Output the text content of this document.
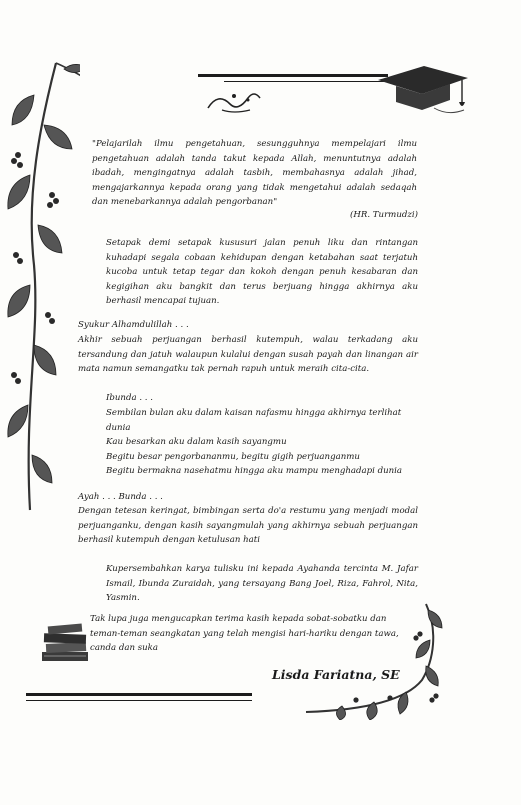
"Pelajarilah ilmu pengetahuan, sesungguhnya mempelajari ilmu pengetahuan adalah tanda takut kepada Allah, menuntutnya adalah ibadah, mengingatnya adalah tasbih, membahasnya adalah jihad, mengajarkannya kepada orang yang tidak mengetahui adalah sedaqah dan menebarkannya adalah pengorbanan"
(HR. Turmudzi)
Setapak demi setapak kususuri jalan penuh liku dan rintangan kuhadapi segala cobaan kehidupan dengan ketabahan saat terjatuh kucoba untuk tetap tegar dan kokoh dengan penuh kesabaran dan kegigihan aku bangkit dan terus berjuang hingga akhirnya aku berhasil mencapai tujuan.
Syukur Alhamdulillah . . .
Akhir sebuah perjuangan berhasil kutempuh, walau terkadang aku tersandung dan jatuh walaupun kulalui dengan susah payah dan linangan air mata namun semangatku tak pernah rapuh untuk meraih cita-cita.
Ibunda . . .
Sembilan bulan aku dalam kaisan nafasmu hingga akhirnya terlihat dunia
Kau besarkan aku dalam kasih sayangmu
Begitu besar pengorbananmu, begitu gigih perjuanganmu
Begitu bermakna nasehatmu hingga aku mampu menghadapi dunia
Ayah . . . Bunda . . .
Dengan tetesan keringat, bimbingan serta do'a restumu yang menjadi modal perjuanganku, dengan kasih sayangmulah yang akhirnya sebuah perjuangan berhasil kutempuh dengan ketulusan hati
Kupersembahkan karya tulisku ini kepada Ayahanda tercinta M. Jafar Ismail, Ibunda Zuraidah, yang tersayang Bang Joel, Riza, Fahrol, Nita, Yasmin.
Tak lupa juga mengucapkan terima kasih kepada sobat-sobatku dan teman-teman seangkatan yang telah mengisi hari-hariku dengan tawa, canda dan suka
Lisda Fariatna, SE
